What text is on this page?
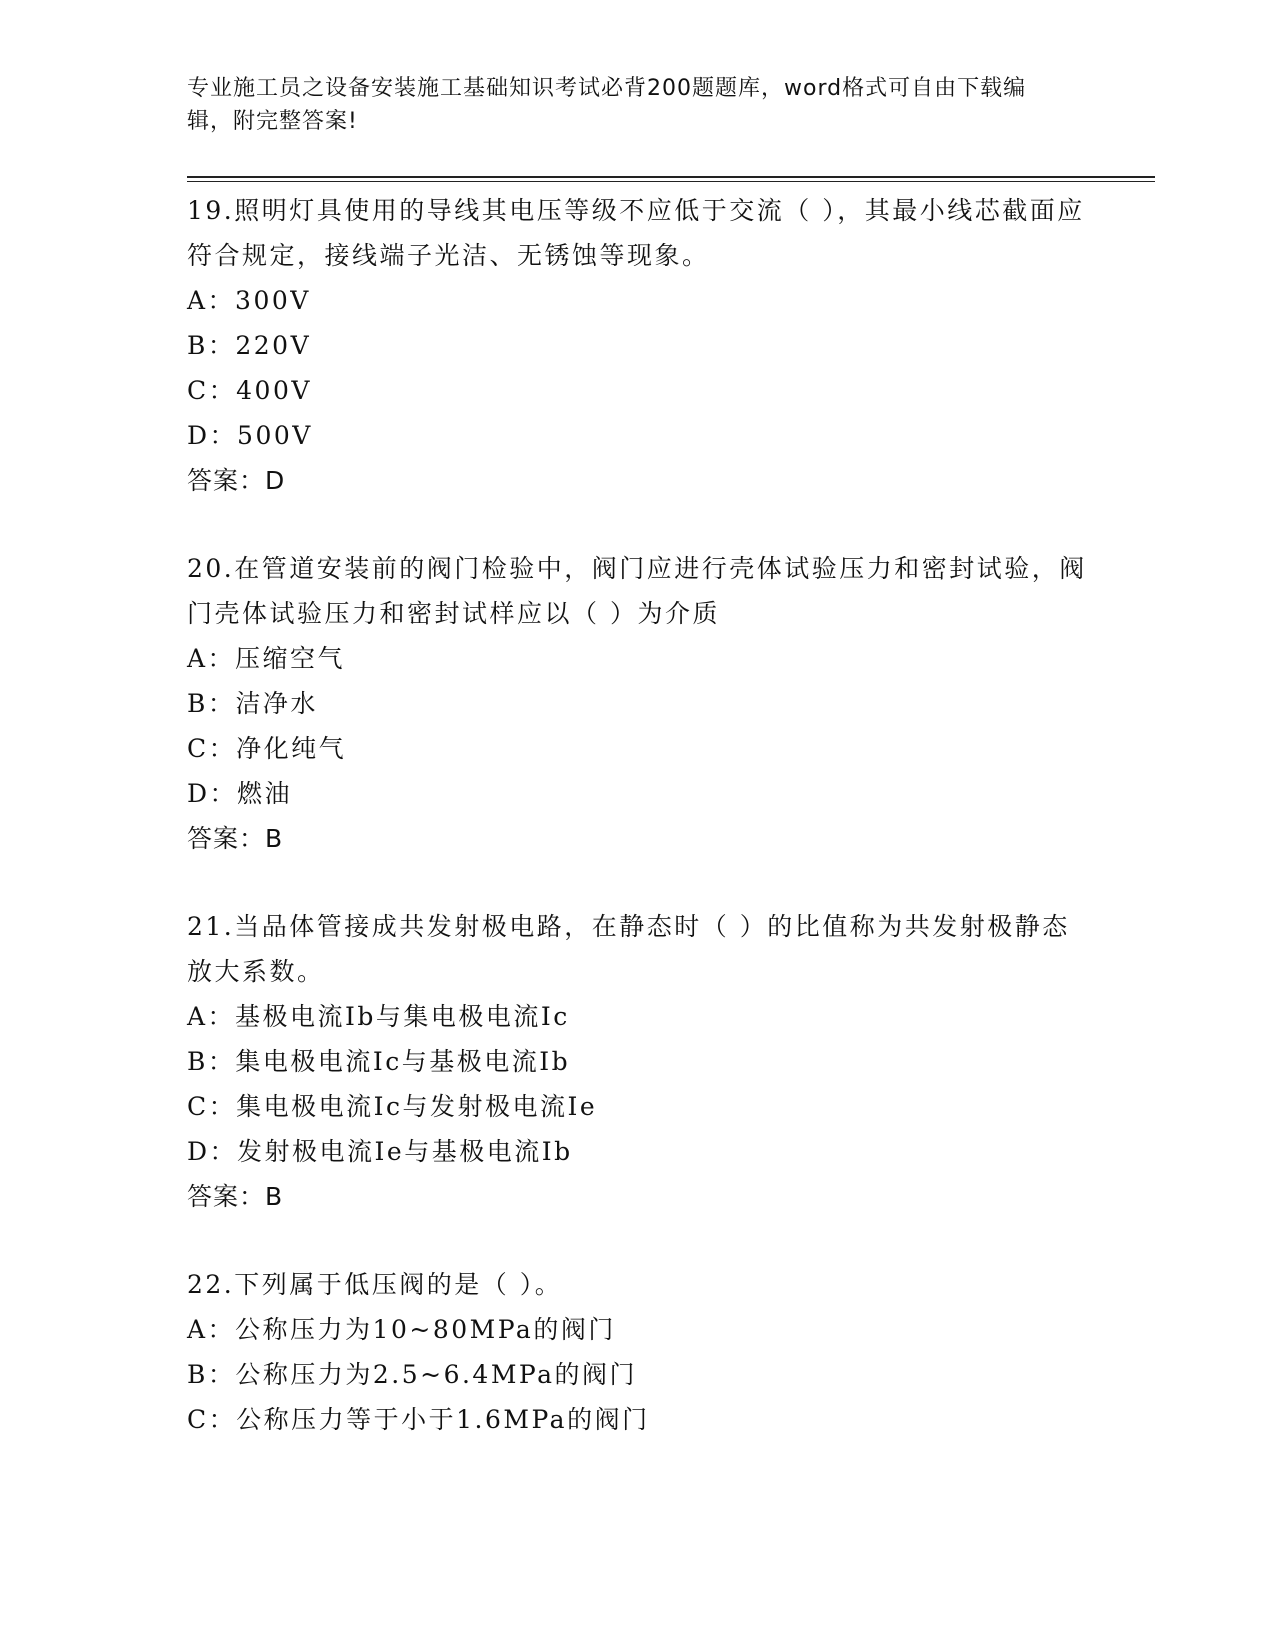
专业施工员之设备安装施工基础知识考试必背200题题库，word格式可自由下载编辑，附完整答案!
19.照明灯具使用的导线其电压等级不应低于交流（ ），其最小线芯截面应符合规定，接线端子光洁、无锈蚀等现象。
A：300V
B：220V
C：400V
D：500V
答案：D
20.在管道安装前的阀门检验中，阀门应进行壳体试验压力和密封试验，阀门壳体试验压力和密封试样应以（ ）为介质
A：压缩空气
B：洁净水
C：净化纯气
D：燃油
答案：B
21.当品体管接成共发射极电路，在静态时（ ）的比值称为共发射极静态放大系数。
A：基极电流Ib与集电极电流Ic
B：集电极电流Ic与基极电流Ib
C：集电极电流Ic与发射极电流Ie
D：发射极电流Ie与基极电流Ib
答案：B
22.下列属于低压阀的是（ ）。
A：公称压力为10~80MPa的阀门
B：公称压力为2.5~6.4MPa的阀门
C：公称压力等于小于1.6MPa的阀门
